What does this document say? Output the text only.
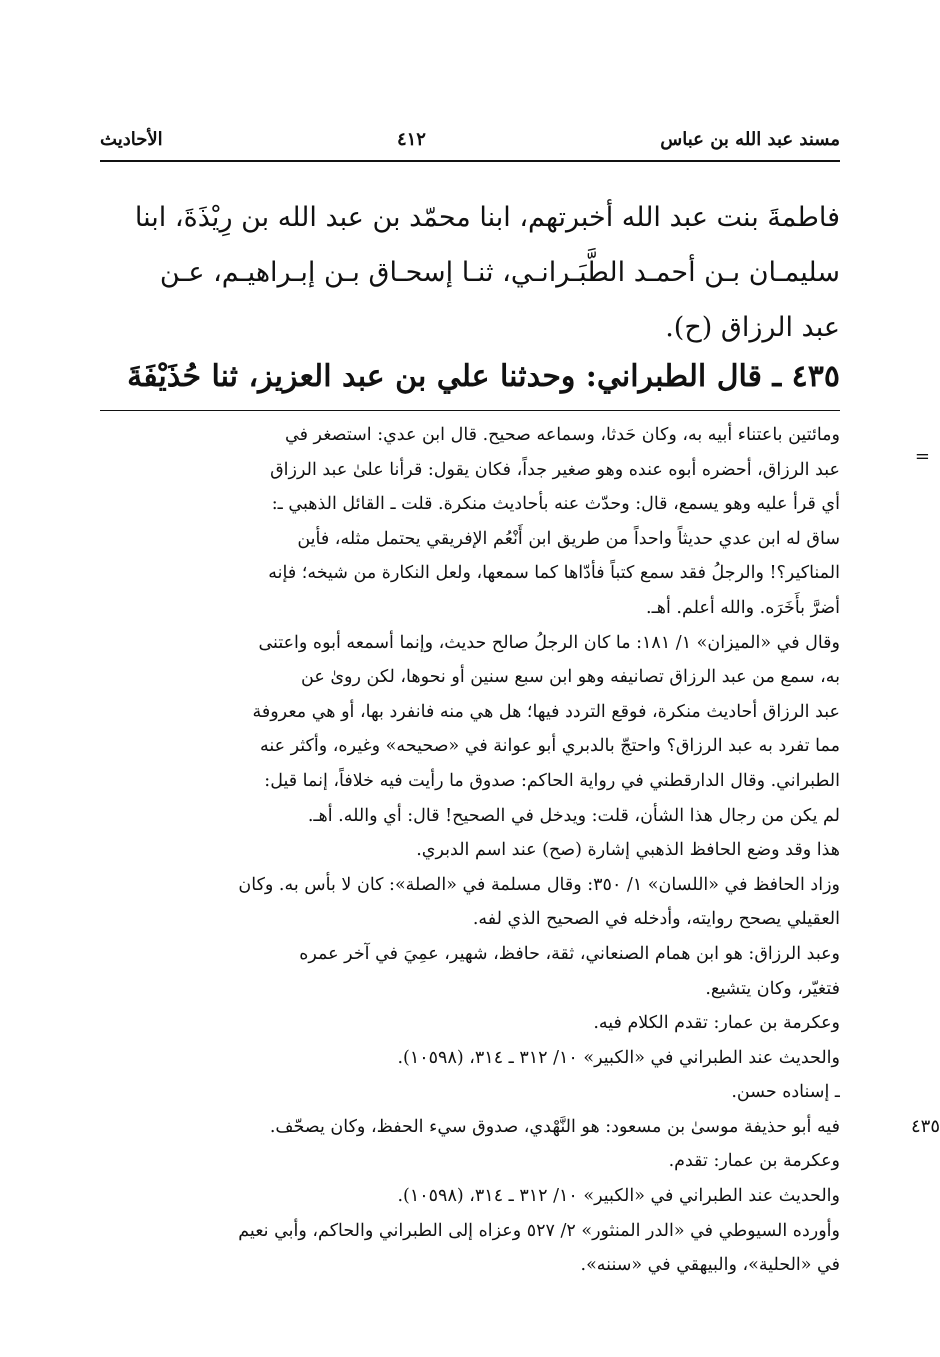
مسند عبد الله بن عباس
٤١٢
الأحاديث
فاطمةَ بنت عبد الله أخبرتهم، ابنا محمّد بن عبد الله بن رِيْذَةَ، ابنا
سليمـان بـن أحمـد الطَّبَـرانـي، ثنـا إسحـاق بـن إبـراهيـم، عـن
عبد الرزاق (ح).
٤٣٥ ـ قال الطبراني: وحدثنا علي بن عبد العزيز، ثنا حُذَيْفَةَ
=
٤٣٥
ومائتين باعتناء أبيه به، وكان حَدثا، وسماعه صحيح. قال ابن عدي: استصغر في
عبد الرزاق، أحضره أبوه عنده وهو صغير جداً، فكان يقول: قرأنا علىٰ عبد الرزاق
أي قرأ عليه وهو يسمع، قال: وحدّث عنه بأحاديث منكرة. قلت ـ القائل الذهبي ـ:
ساق له ابن عدي حديثاً واحداً من طريق ابن أَنْعُم الإفريقي يحتمل مثله، فأين
المناكير؟! والرجلُ فقد سمع كتباً فأدّاها كما سمعها، ولعل النكارة من شيخه؛ فإنه
أضرَّ بأَخَرَه. والله أعلم. أهـ.
وقال في «الميزان» ١/ ١٨١: ما كان الرجلُ صالح حديث، وإنما أسمعه أبوه واعتنى
به، سمع من عبد الرزاق تصانيفه وهو ابن سبع سنين أو نحوها، لكن روىٰ عن
عبد الرزاق أحاديث منكرة، فوقع التردد فيها؛ هل هي منه فانفرد بها، أو هي معروفة
مما تفرد به عبد الرزاق؟ واحتجّ بالدبري أبو عوانة في «صحيحه» وغيره، وأكثر عنه
الطبراني. وقال الدارقطني في رواية الحاكم: صدوق ما رأيت فيه خلافاً، إنما قيل:
لم يكن من رجال هذا الشأن، قلت: ويدخل في الصحيح! قال: أي والله. أهـ.
هذا وقد وضع الحافظ الذهبي إشارة (صح) عند اسم الدبري.
وزاد الحافظ في «اللسان» ١/ ٣٥٠: وقال مسلمة في «الصلة»: كان لا بأس به. وكان
العقيلي يصحح روايته، وأدخله في الصحيح الذي لفه.
وعبد الرزاق: هو ابن همام الصنعاني، ثقة، حافظ، شهير، عمِيَ في آخر عمره
فتغيّر، وكان يتشيع.
وعكرمة بن عمار: تقدم الكلام فيه.
والحديث عند الطبراني في «الكبير» ١٠/ ٣١٢ ـ ٣١٤، (١٠٥٩٨).
ـ إسناده حسن.
فيه أبو حذيفة موسىٰ بن مسعود: هو النَّهْدي، صدوق سيء الحفظ، وكان يصحّف.
وعكرمة بن عمار: تقدم.
والحديث عند الطبراني في «الكبير» ١٠/ ٣١٢ ـ ٣١٤، (١٠٥٩٨).
وأورده السيوطي في «الدر المنثور» ٢/ ٥٢٧ وعزاه إلى الطبراني والحاكم، وأبي نعيم
في «الحلية»، والبيهقي في «سننه».
